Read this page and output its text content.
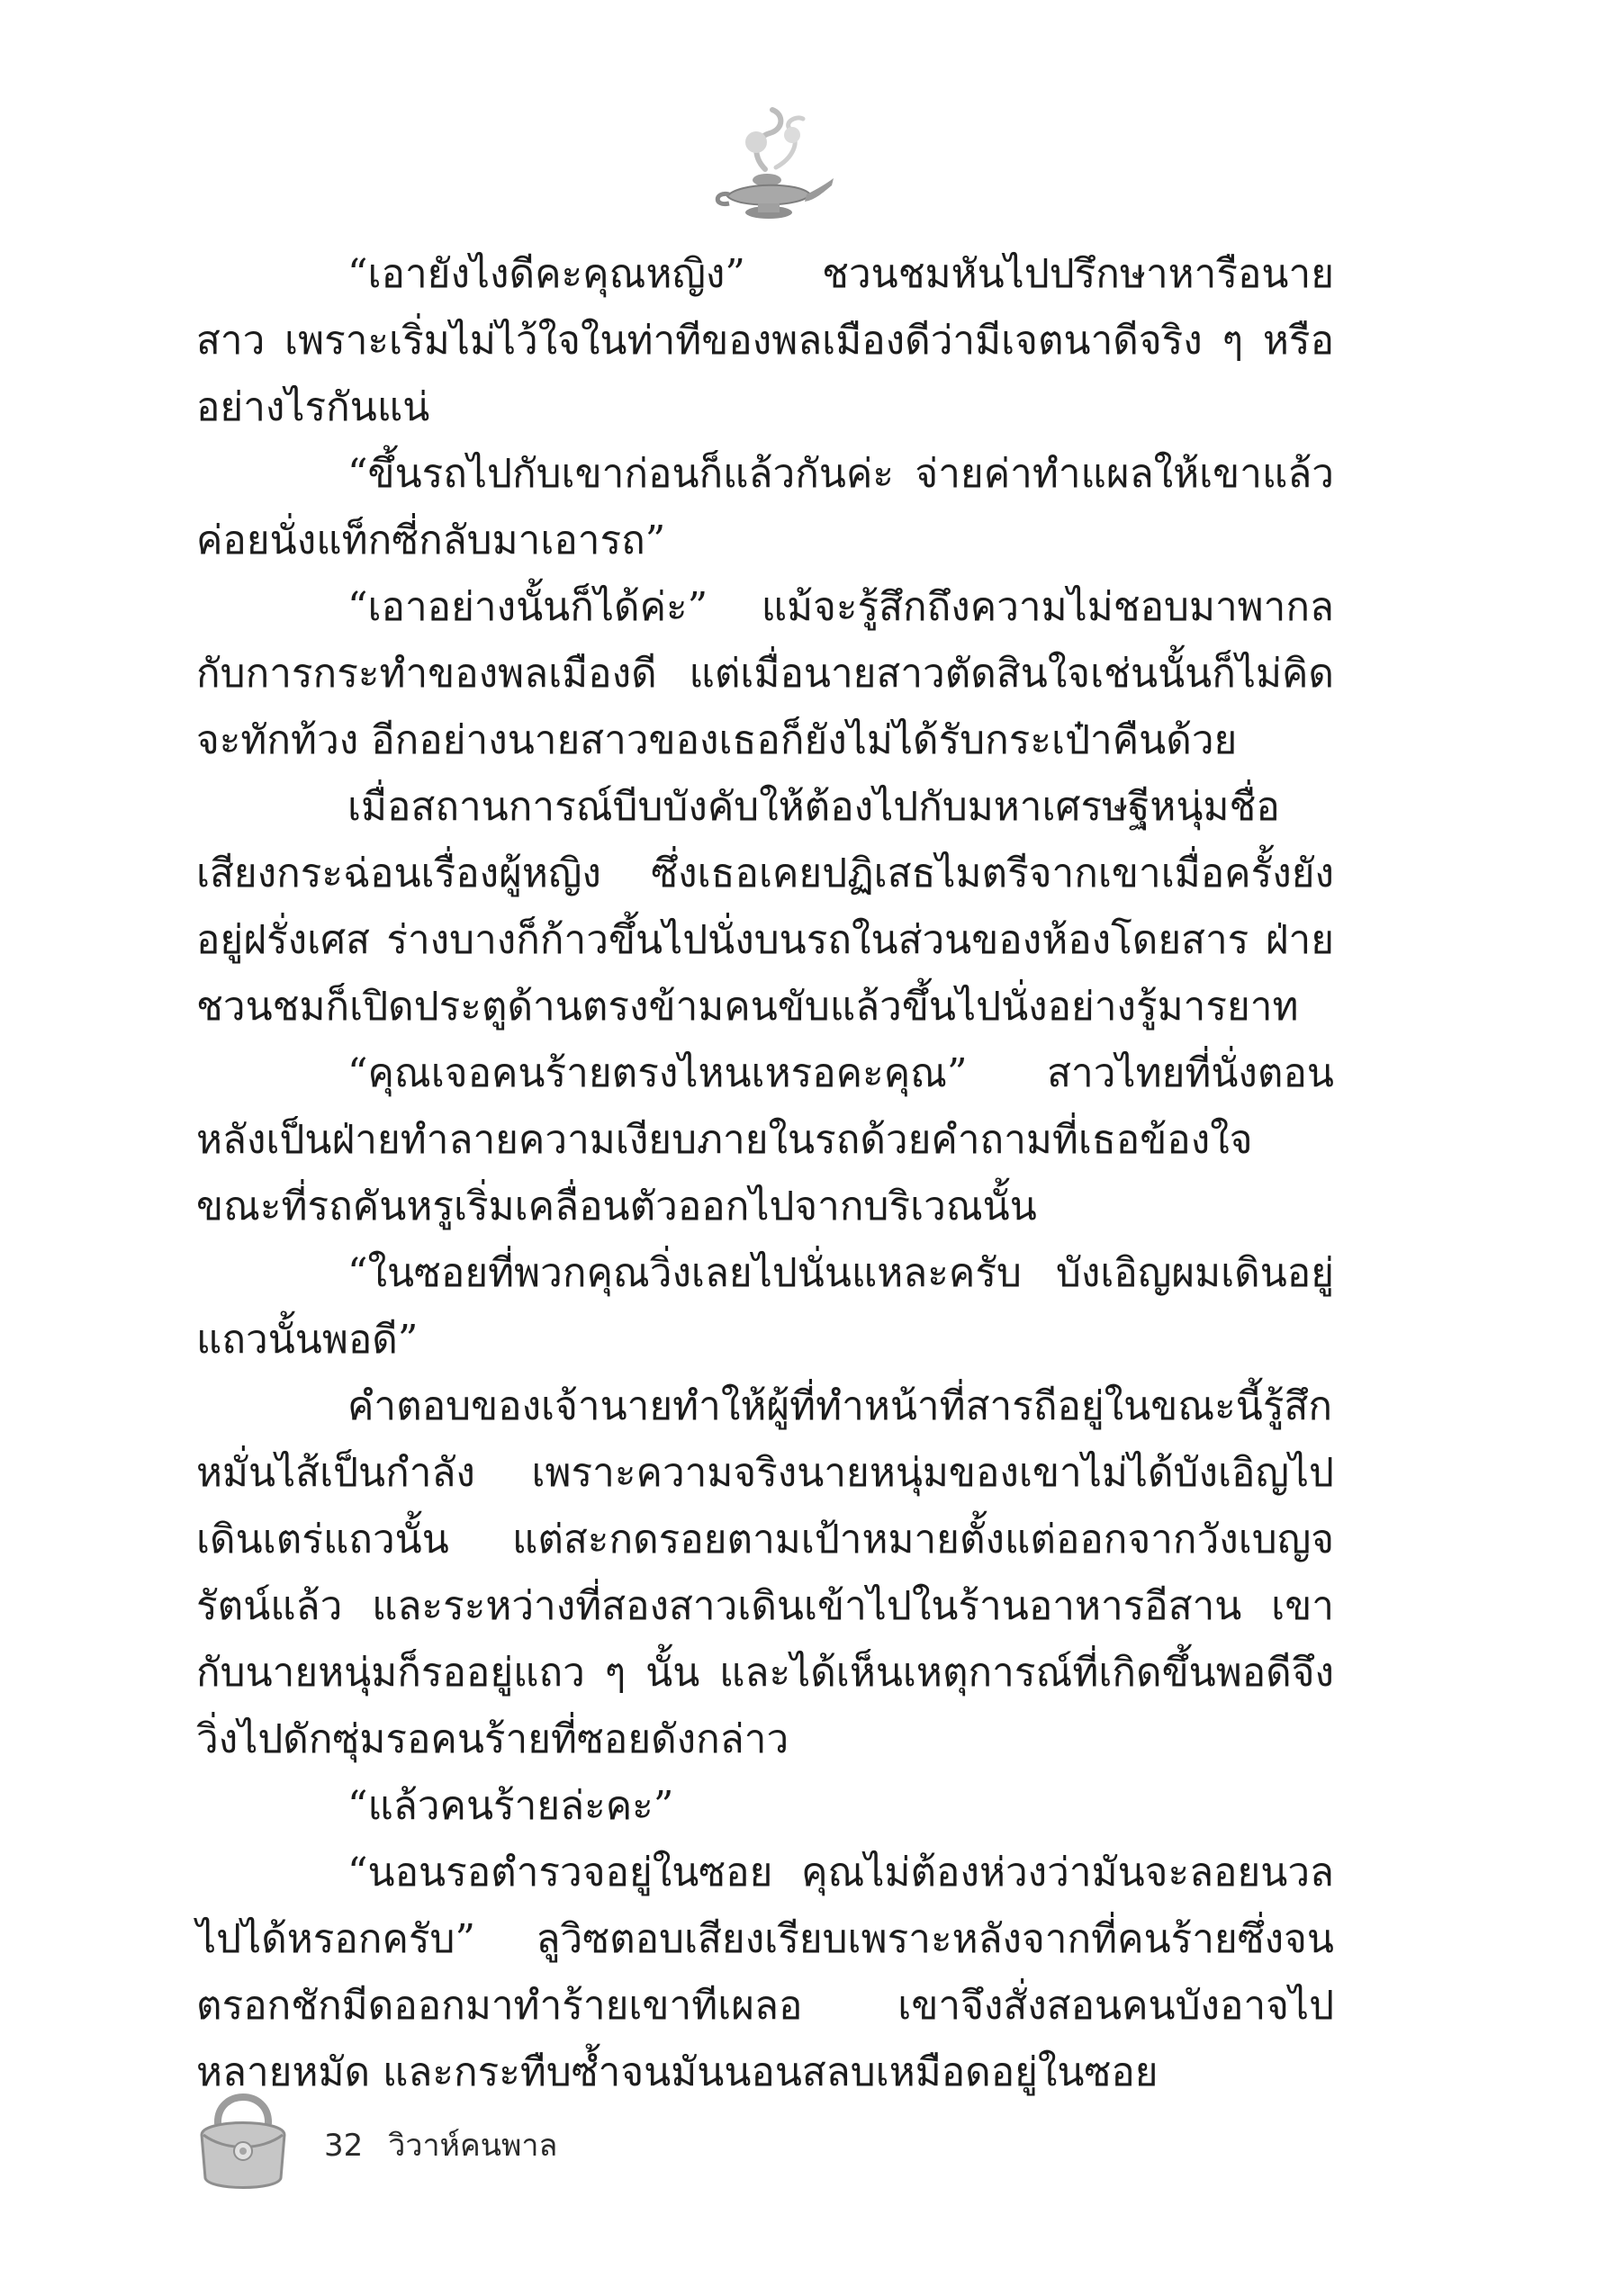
“เอายังไงดีคะคุณหญิง” ชวนชมหันไปปรึกษาหารือนายสาว เพราะเริ่มไม่ไว้ใจในท่าทีของพลเมืองดีว่ามีเจตนาดีจริง ๆ หรืออย่างไรกันแน่

“ขึ้นรถไปกับเขาก่อนก็แล้วกันค่ะ จ่ายค่าทำแผลให้เขาแล้วค่อยนั่งแท็กซี่กลับมาเอารถ”

“เอาอย่างนั้นก็ได้ค่ะ” แม้จะรู้สึกถึงความไม่ชอบมาพากลกับการกระทำของพลเมืองดี แต่เมื่อนายสาวตัดสินใจเช่นนั้นก็ไม่คิดจะทักท้วง อีกอย่างนายสาวของเธอก็ยังไม่ได้รับกระเป๋าคืนด้วย

เมื่อสถานการณ์บีบบังคับให้ต้องไปกับมหาเศรษฐีหนุ่มชื่อเสียงกระฉ่อนเรื่องผู้หญิง ซึ่งเธอเคยปฏิเสธไมตรีจากเขาเมื่อครั้งยังอยู่ฝรั่งเศส ร่างบางก็ก้าวขึ้นไปนั่งบนรถในส่วนของห้องโดยสาร ฝ่ายชวนชมก็เปิดประตูด้านตรงข้ามคนขับแล้วขึ้นไปนั่งอย่างรู้มารยาท

“คุณเจอคนร้ายตรงไหนเหรอคะคุณ” สาวไทยที่นั่งตอนหลังเป็นฝ่ายทำลายความเงียบภายในรถด้วยคำถามที่เธอข้องใจ ขณะที่รถคันหรูเริ่มเคลื่อนตัวออกไปจากบริเวณนั้น

“ในซอยที่พวกคุณวิ่งเลยไปนั่นแหละครับ บังเอิญผมเดินอยู่แถวนั้นพอดี”

คำตอบของเจ้านายทำให้ผู้ที่ทำหน้าที่สารถีอยู่ในขณะนี้รู้สึกหมั่นไส้เป็นกำลัง เพราะความจริงนายหนุ่มของเขาไม่ได้บังเอิญไปเดินเตร่แถวนั้น แต่สะกดรอยตามเป้าหมายตั้งแต่ออกจากวังเบญจรัตน์แล้ว และระหว่างที่สองสาวเดินเข้าไปในร้านอาหารอีสาน เขากับนายหนุ่มก็รออยู่แถว ๆ นั้น และได้เห็นเหตุการณ์ที่เกิดขึ้นพอดีจึงวิ่งไปดักซุ่มรอคนร้ายที่ซอยดังกล่าว

“แล้วคนร้ายล่ะคะ”

“นอนรอตำรวจอยู่ในซอย คุณไม่ต้องห่วงว่ามันจะลอยนวลไปได้หรอกครับ” ลูวิซตอบเสียงเรียบเพราะหลังจากที่คนร้ายซึ่งจนตรอกชักมีดออกมาทำร้ายเขาทีเผลอ เขาจึงสั่งสอนคนบังอาจไปหลายหมัด และกระทืบซ้ำจนมันนอนสลบเหมือดอยู่ในซอย

32 วิวาห์คนพาล
